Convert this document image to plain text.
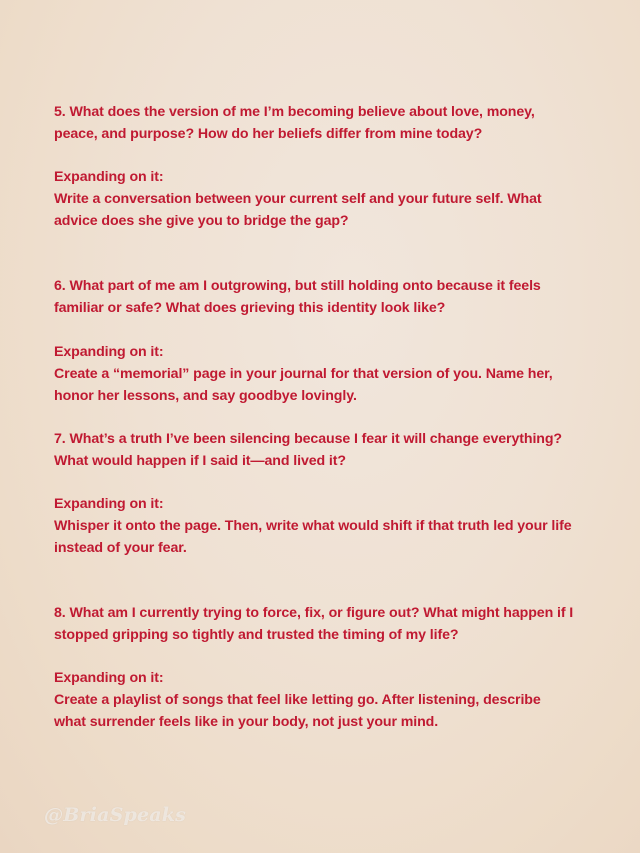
5. What does the version of me I’m becoming believe about love, money,
peace, and purpose? How do her beliefs differ from mine today?
Expanding on it:
Write a conversation between your current self and your future self. What
advice does she give you to bridge the gap?
6. What part of me am I outgrowing, but still holding onto because it feels
familiar or safe? What does grieving this identity look like?
Expanding on it:
Create a “memorial” page in your journal for that version of you. Name her,
honor her lessons, and say goodbye lovingly.
7. What’s a truth I’ve been silencing because I fear it will change everything?
What would happen if I said it—and lived it?
Expanding on it:
Whisper it onto the page. Then, write what would shift if that truth led your life
instead of your fear.
8. What am I currently trying to force, fix, or figure out? What might happen if I
stopped gripping so tightly and trusted the timing of my life?
Expanding on it:
Create a playlist of songs that feel like letting go. After listening, describe
what surrender feels like in your body, not just your mind.
@BriaSpeaks
